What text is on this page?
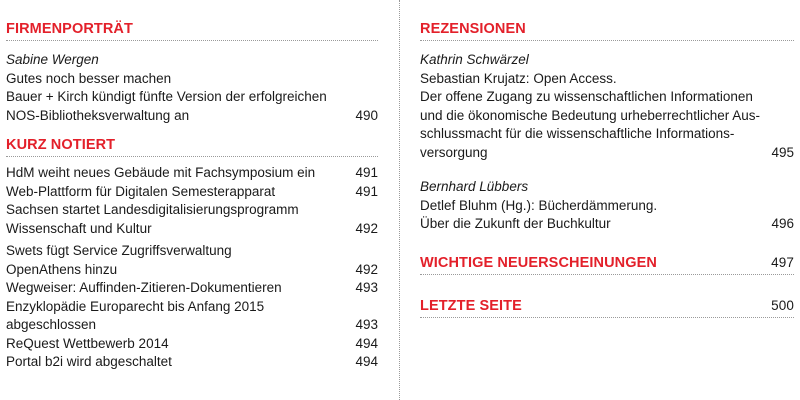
FIRMENPORTRÄT
Sabine Wergen
Gutes noch besser machen
Bauer + Kirch kündigt fünfte Version der erfolgreichen
NOS-Bibliotheksverwaltung an	490
KURZ NOTIERT
HdM weiht neues Gebäude mit Fachsymposium ein	491
Web-Plattform für Digitalen Semesterapparat	491
Sachsen startet Landesdigitalisierungsprogramm
Wissenschaft und Kultur	492
Swets fügt Service Zugriffsverwaltung
OpenAthens hinzu	492
Wegweiser: Auffinden-Zitieren-Dokumentieren	493
Enzyklopädie Europarecht bis Anfang 2015
abgeschlossen	493
ReQuest Wettbewerb 2014	494
Portal b2i wird abgeschaltet	494
REZENSIONEN
Kathrin Schwärzel
Sebastian Krujatz: Open Access.
Der offene Zugang zu wissenschaftlichen Informationen
und die ökonomische Bedeutung urheberrechtlicher Aus-
schlussmacht für die wissenschaftliche Informations-
versorgung	495
Bernhard Lübbers
Detlef Bluhm (Hg.): Bücherdämmerung.
Über die Zukunft der Buchkultur	496
WICHTIGE NEUERSCHEINUNGEN	497
LETZTE SEITE	500
